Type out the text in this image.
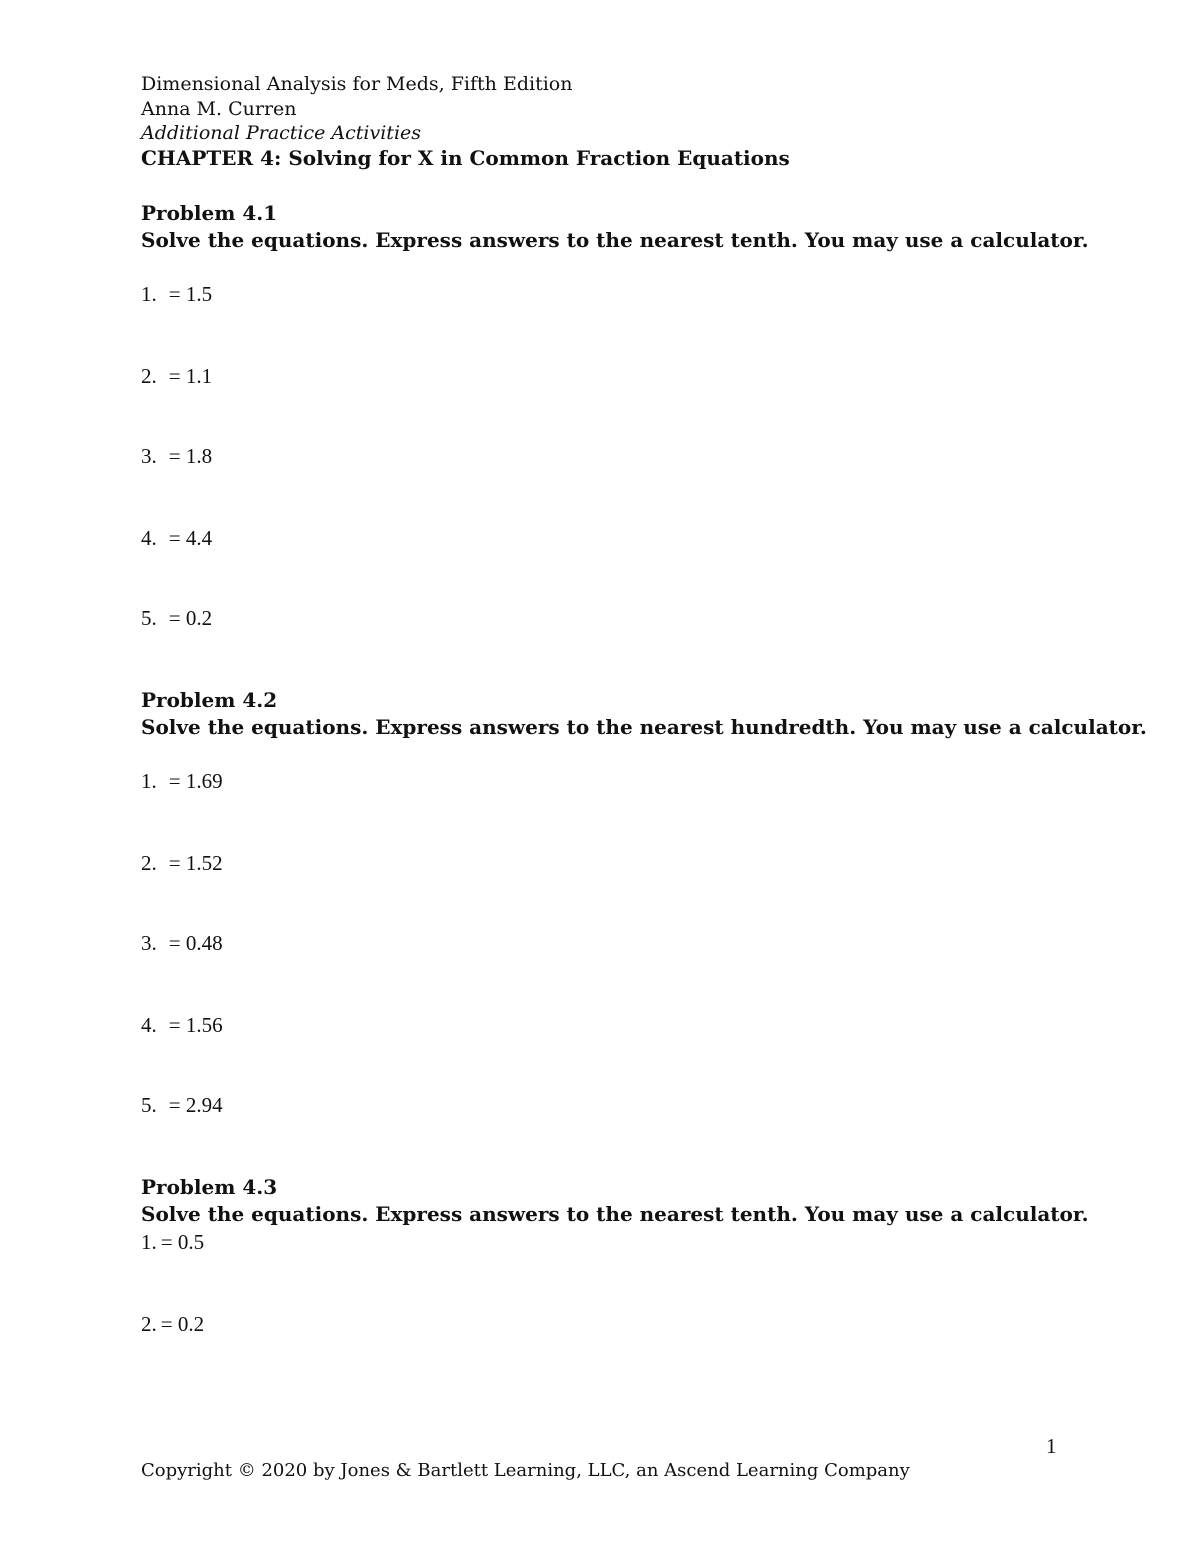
Dimensional Analysis for Meds, Fifth Edition
Anna M. Curren
Additional Practice Activities
CHAPTER 4: Solving for X in Common Fraction Equations
Problem 4.1
Solve the equations. Express answers to the nearest tenth. You may use a calculator.
1. = 1.5
2. = 1.1
3. = 1.8
4. = 4.4
5. = 0.2
Problem 4.2
Solve the equations. Express answers to the nearest hundredth. You may use a calculator.
1. = 1.69
2. = 1.52
3. = 0.48
4. = 1.56
5. = 2.94
Problem 4.3
Solve the equations. Express answers to the nearest tenth. You may use a calculator.
1. = 0.5
2. = 0.2
1
Copyright © 2020 by Jones & Bartlett Learning, LLC, an Ascend Learning Company
